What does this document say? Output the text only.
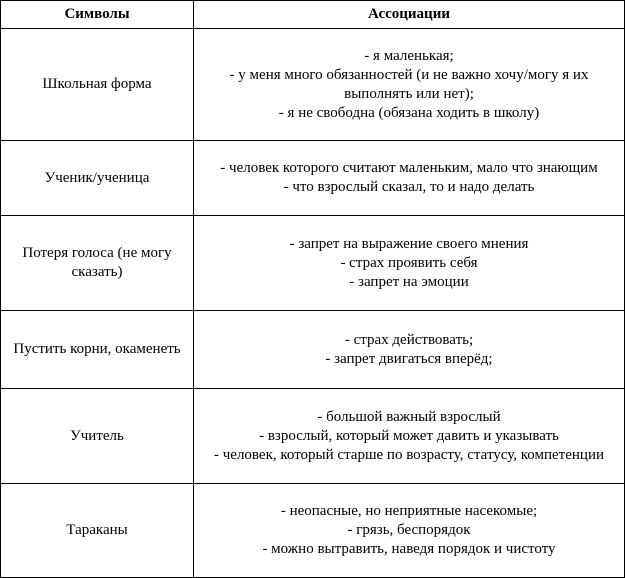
Символы	Ассоциации
Школьная форма	- я маленькая;
- у меня много обязанностей (и не важно хочу/могу я их выполнять или нет);
- я не свободна (обязана ходить в школу)

Ученик/ученица	- человек которого считают маленьким, мало что знающим
- что взрослый сказал, то и надо делать

Потеря голоса (не могу сказать)	- запрет на выражение своего мнения
- страх проявить себя
- запрет на эмоции

Пустить корни, окаменеть	- страх действовать;
- запрет двигаться вперёд;

Учитель	- большой важный взрослый
- взрослый, который может давить и указывать
- человек, который старше по возрасту, статусу, компетенции

Тараканы	- неопасные, но неприятные насекомые;
- грязь, беспорядок
- можно вытравить, наведя порядок и чистоту
